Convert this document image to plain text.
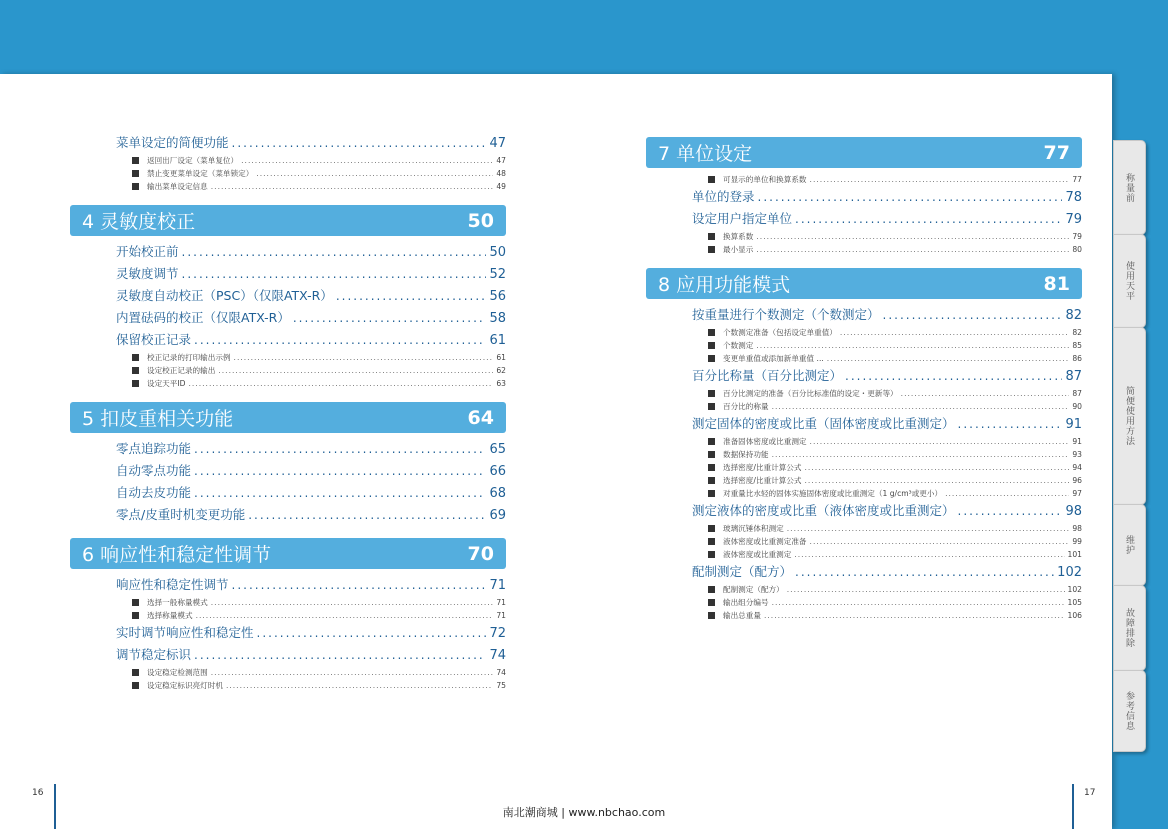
菜单设定的简便功能 .....	47
返回出厂设定（菜单复位） .....	47
禁止变更菜单设定（菜单锁定） .....	48
输出菜单设定信息 .....	49
4 灵敏度校正	50
开始校正前 .....	50
灵敏度调节 .....	52
灵敏度自动校正（PSC）（仅限ATX-R） .....	56
内置砝码的校正（仅限ATX-R） .....	58
保留校正记录 .....	61
校正记录的打印输出示例 .....	61
设定校正记录的输出 .....	62
设定天平ID .....	63
5 扣皮重相关功能	64
零点追踪功能 .....	65
自动零点功能 .....	66
自动去皮功能 .....	68
零点/皮重时机变更功能 .....	69
6 响应性和稳定性调节	70
响应性和稳定性调节 .....	71
选择一般称量模式 .....	71
选择称量模式 .....	71
实时调节响应性和稳定性 .....	72
调节稳定标识 .....	74
设定稳定检测范围 .....	74
设定稳定标识亮灯时机 .....	75
7 单位设定	77
可显示的单位和换算系数 .....	77
单位的登录 .....	78
设定用户指定单位 .....	79
换算系数 .....	79
最小显示 .....	80
8 应用功能模式	81
按重量进行个数测定（个数测定） .....	82
个数测定准备（包括设定单重值） .....	82
个数测定 .....	85
变更单重值或添加新单重值 ... .....	86
百分比称量（百分比测定） .....	87
百分比测定的准备（百分比标准值的设定・更新等） .....	87
百分比的称量 .....	90
测定固体的密度或比重（固体密度或比重测定） .....	91
准备固体密度或比重测定 .....	91
数据保持功能 .....	93
选择密度/比重计算公式 .....	94
选择密度/比重计算公式 .....	96
对重量比水轻的固体实施固体密度或比重测定（1 g/cm³或更小） .....	97
测定液体的密度或比重（液体密度或比重测定） .....	98
玻璃沉锤体积测定 .....	98
液体密度或比重测定准备 .....	99
液体密度或比重测定 .....	101
配制测定（配方） .....	102
配制测定（配方） .....	102
输出组分编号 .....	105
输出总重量 .....	106
称量前
使用天平
简便使用方法
维护
故障排除
参考信息
16	17
南北潮商城 | www.nbchao.com
